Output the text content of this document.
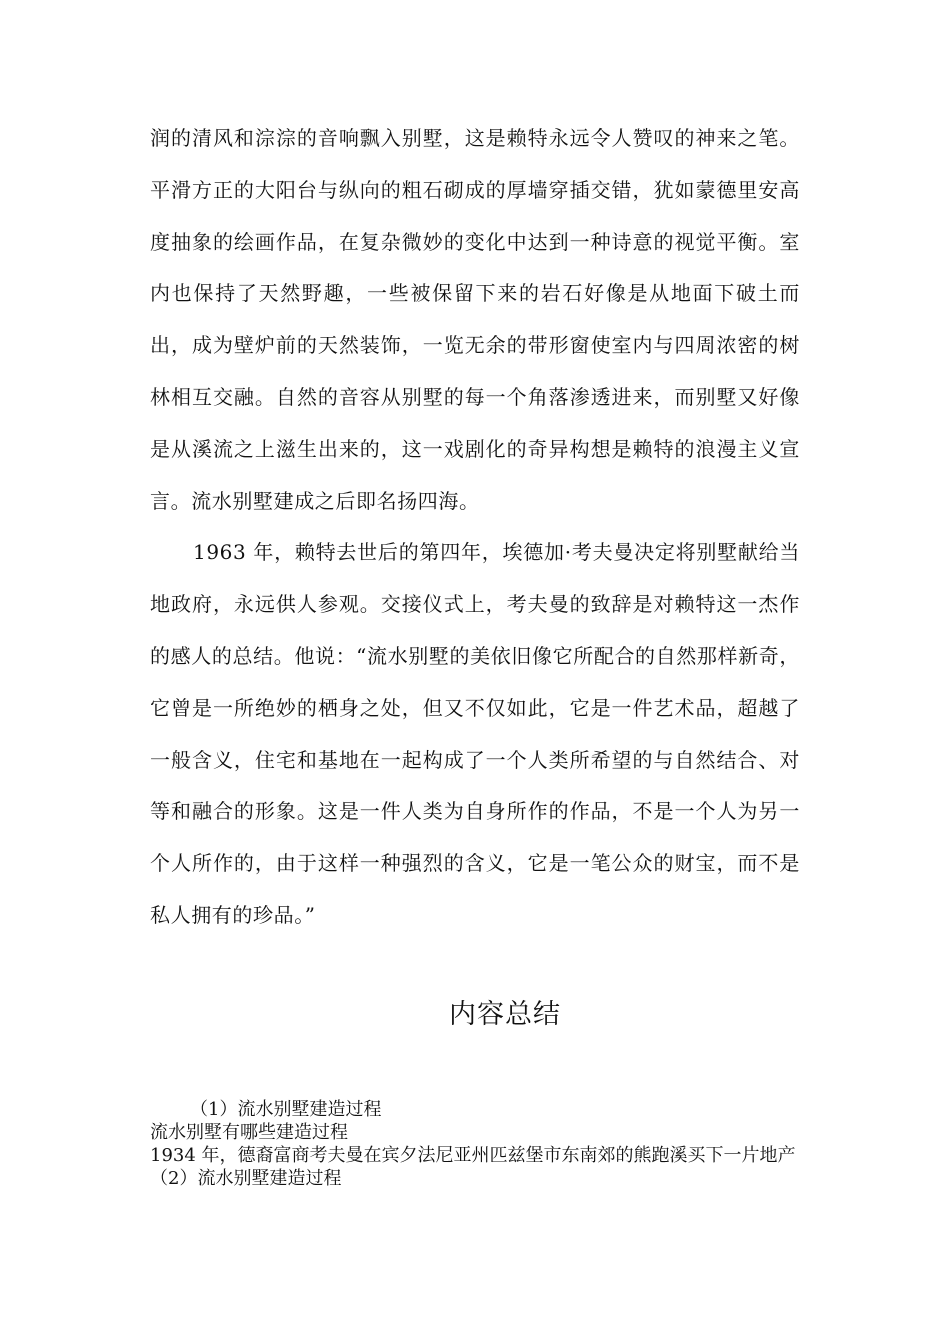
润的清风和淙淙的音响飘入别墅，这是赖特永远令人赞叹的神来之笔。平滑方正的大阳台与纵向的粗石砌成的厚墙穿插交错，犹如蒙德里安高度抽象的绘画作品，在复杂微妙的变化中达到一种诗意的视觉平衡。室内也保持了天然野趣，一些被保留下来的岩石好像是从地面下破土而出，成为壁炉前的天然装饰，一览无余的带形窗使室内与四周浓密的树林相互交融。自然的音容从别墅的每一个角落渗透进来，而别墅又好像是从溪流之上滋生出来的，这一戏剧化的奇异构想是赖特的浪漫主义宣言。流水别墅建成之后即名扬四海。

1963 年，赖特去世后的第四年，埃德加·考夫曼决定将别墅献给当地政府，永远供人参观。交接仪式上，考夫曼的致辞是对赖特这一杰作的感人的总结。他说：“流水别墅的美依旧像它所配合的自然那样新奇，它曾是一所绝妙的栖身之处，但又不仅如此，它是一件艺术品，超越了一般含义，住宅和基地在一起构成了一个人类所希望的与自然结合、对等和融合的形象。这是一件人类为自身所作的作品，不是一个人为另一个人所作的，由于这样一种强烈的含义，它是一笔公众的财宝，而不是私人拥有的珍品。”

内容总结

（1）流水别墅建造过程

流水别墅有哪些建造过程

1934 年，德裔富商考夫曼在宾夕法尼亚州匹兹堡市东南郊的熊跑溪买下一片地产

（2）流水别墅建造过程
